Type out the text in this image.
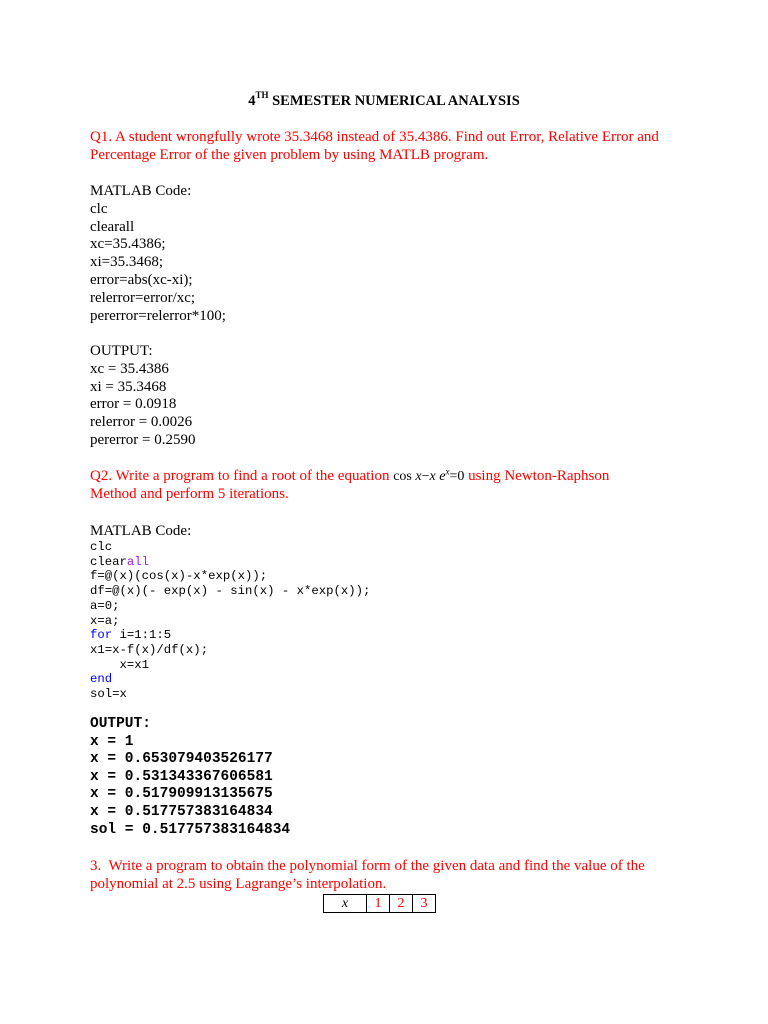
4TH SEMESTER NUMERICAL ANALYSIS
Q1. A student wrongfully wrote 35.3468 instead of 35.4386. Find out Error, Relative Error and
Percentage Error of the given problem by using MATLB program.
MATLAB Code:
clc
clearall
xc=35.4386;
xi=35.3468;
error=abs(xc-xi);
relerror=error/xc;
pererror=relerror*100;
OUTPUT:
xc = 35.4386
xi = 35.3468
error = 0.0918
relerror = 0.0026
pererror = 0.2590
Q2. Write a program to find a root of the equation cos x−x $e^x=0$ using Newton-Raphson
Method and perform 5 iterations.
MATLAB Code:
clc
clearall
f=@(x)(cos(x)-x*exp(x));
df=@(x)(- exp(x) - sin(x) - x*exp(x));
a=0;
x=a;
for i=1:1:5
x1=x-f(x)/df(x);
x=x1
end
sol=x
OUTPUT:
x = 1
x = 0.653079403526177
x = 0.531343367606581
x = 0.517909913135675
x = 0.517757383164834
sol = 0.517757383164834
3.  Write a program to obtain the polynomial form of the given data and find the value of the
polynomial at 2.5 using Lagrange’s interpolation.
x	1	2	3
